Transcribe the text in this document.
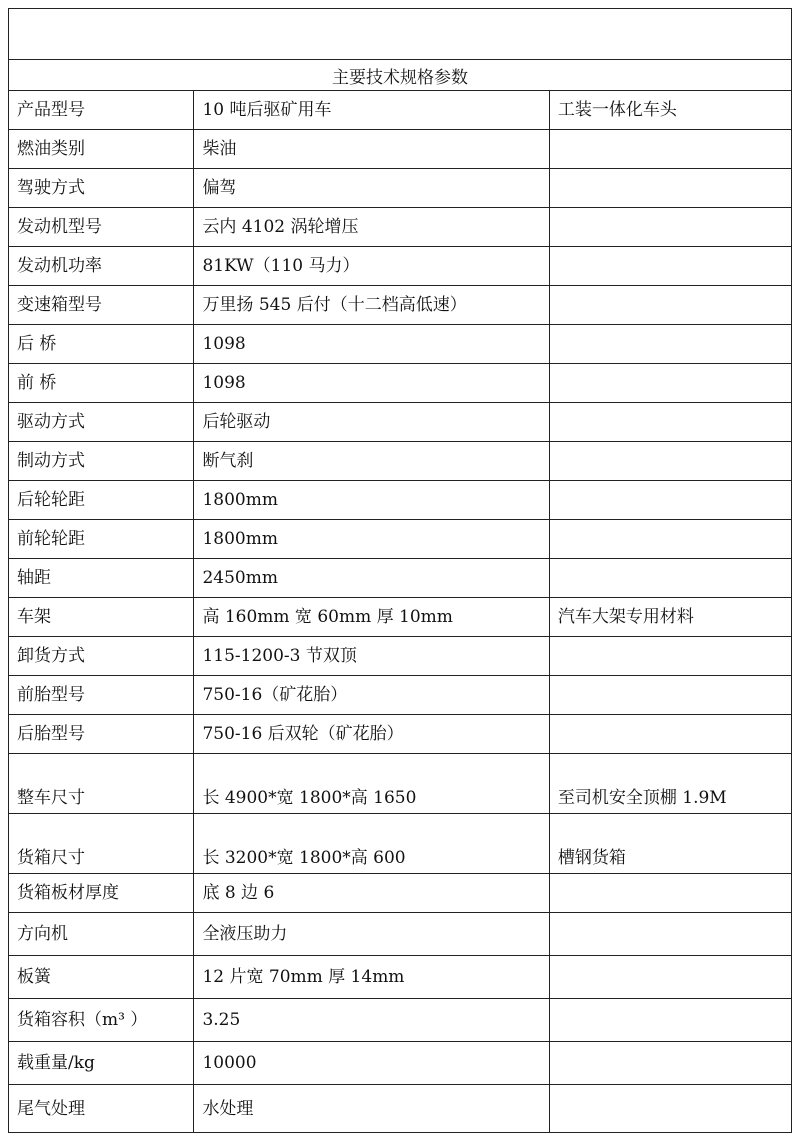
主要技术规格参数		
产品型号	10 吨后驱矿用车	工装一体化车头
燃油类别	柴油	
驾驶方式	偏驾	
发动机型号	云内 4102 涡轮增压	
发动机功率	81KW（110 马力）	
变速箱型号	万里扬 545 后付（十二档高低速）	
后 桥	1098	
前 桥	1098	
驱动方式	后轮驱动	
制动方式	断气刹	
后轮轮距	1800mm	
前轮轮距	1800mm	
轴距	2450mm	
车架	高 160mm 宽 60mm 厚 10mm	汽车大架专用材料
卸货方式	115-1200-3 节双顶	
前胎型号	750-16（矿花胎）	
后胎型号	750-16 后双轮（矿花胎）	
整车尺寸	长 4900*宽 1800*高 1650	至司机安全顶棚 1.9M
货箱尺寸	长 3200*宽 1800*高 600	槽钢货箱
货箱板材厚度	底 8 边 6	
方向机	全液压助力	
板簧	12 片宽 70mm 厚 14mm	
货箱容积（m³ ）	3.25	
载重量/kg	10000	
尾气处理	水处理	
